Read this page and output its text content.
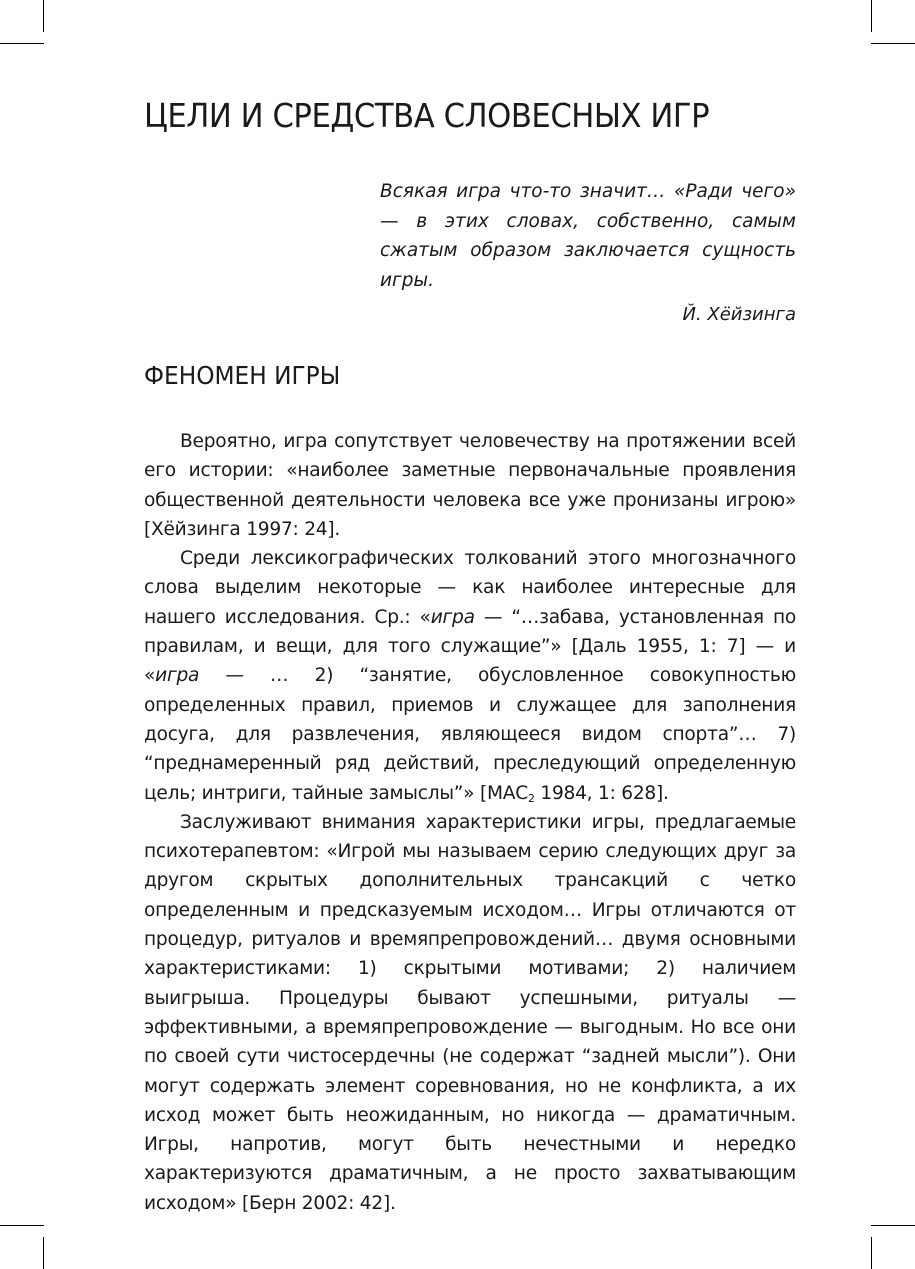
ЦЕЛИ И СРЕДСТВА СЛОВЕСНЫХ ИГР

Всякая игра что-то значит… «Ради чего» — в этих словах, собственно, самым сжатым образом заключается сущность игры.

Й. Хёйзинга
ФЕНОМЕН ИГРЫ

Вероятно, игра сопутствует человечеству на протяжении всей его истории: «наиболее заметные первоначальные проявления общественной деятельности человека все уже пронизаны игрою» [Хёйзинга 1997: 24].

Среди лексикографических толкований этого многозначного слова выделим некоторые — как наиболее интересные для нашего исследования. Ср.: «игра — “…забава, установленная по правилам, и вещи, для того служащие”» [Даль 1955, 1: 7] — и «игра — … 2) “занятие, обусловленное совокупностью определенных правил, приемов и служащее для заполнения досуга, для развлечения, являющееся видом спорта”… 7) “преднамеренный ряд действий, преследующий определенную цель; интриги, тайные замыслы”» [$МАС_2$ 1984, 1: 628].

Заслуживают внимания характеристики игры, предлагаемые психотерапевтом: «Игрой мы называем серию следующих друг за другом скрытых дополнительных трансакций с четко определенным и предсказуемым исходом… Игры отличаются от процедур, ритуалов и времяпрепровождений… двумя основными характеристиками: 1) скрытыми мотивами; 2) наличием выигрыша. Процедуры бывают успешными, ритуалы — эффективными, а времяпрепровождение — выгодным. Но все они по своей сути чистосердечны (не содержат “задней мысли”). Они могут содержать элемент соревнования, но не конфликта, а их исход может быть неожиданным, но никогда — драматичным. Игры, напротив, могут быть нечестными и нередко характеризуются драматичным, а не просто захватывающим исходом» [Берн 2002: 42].
